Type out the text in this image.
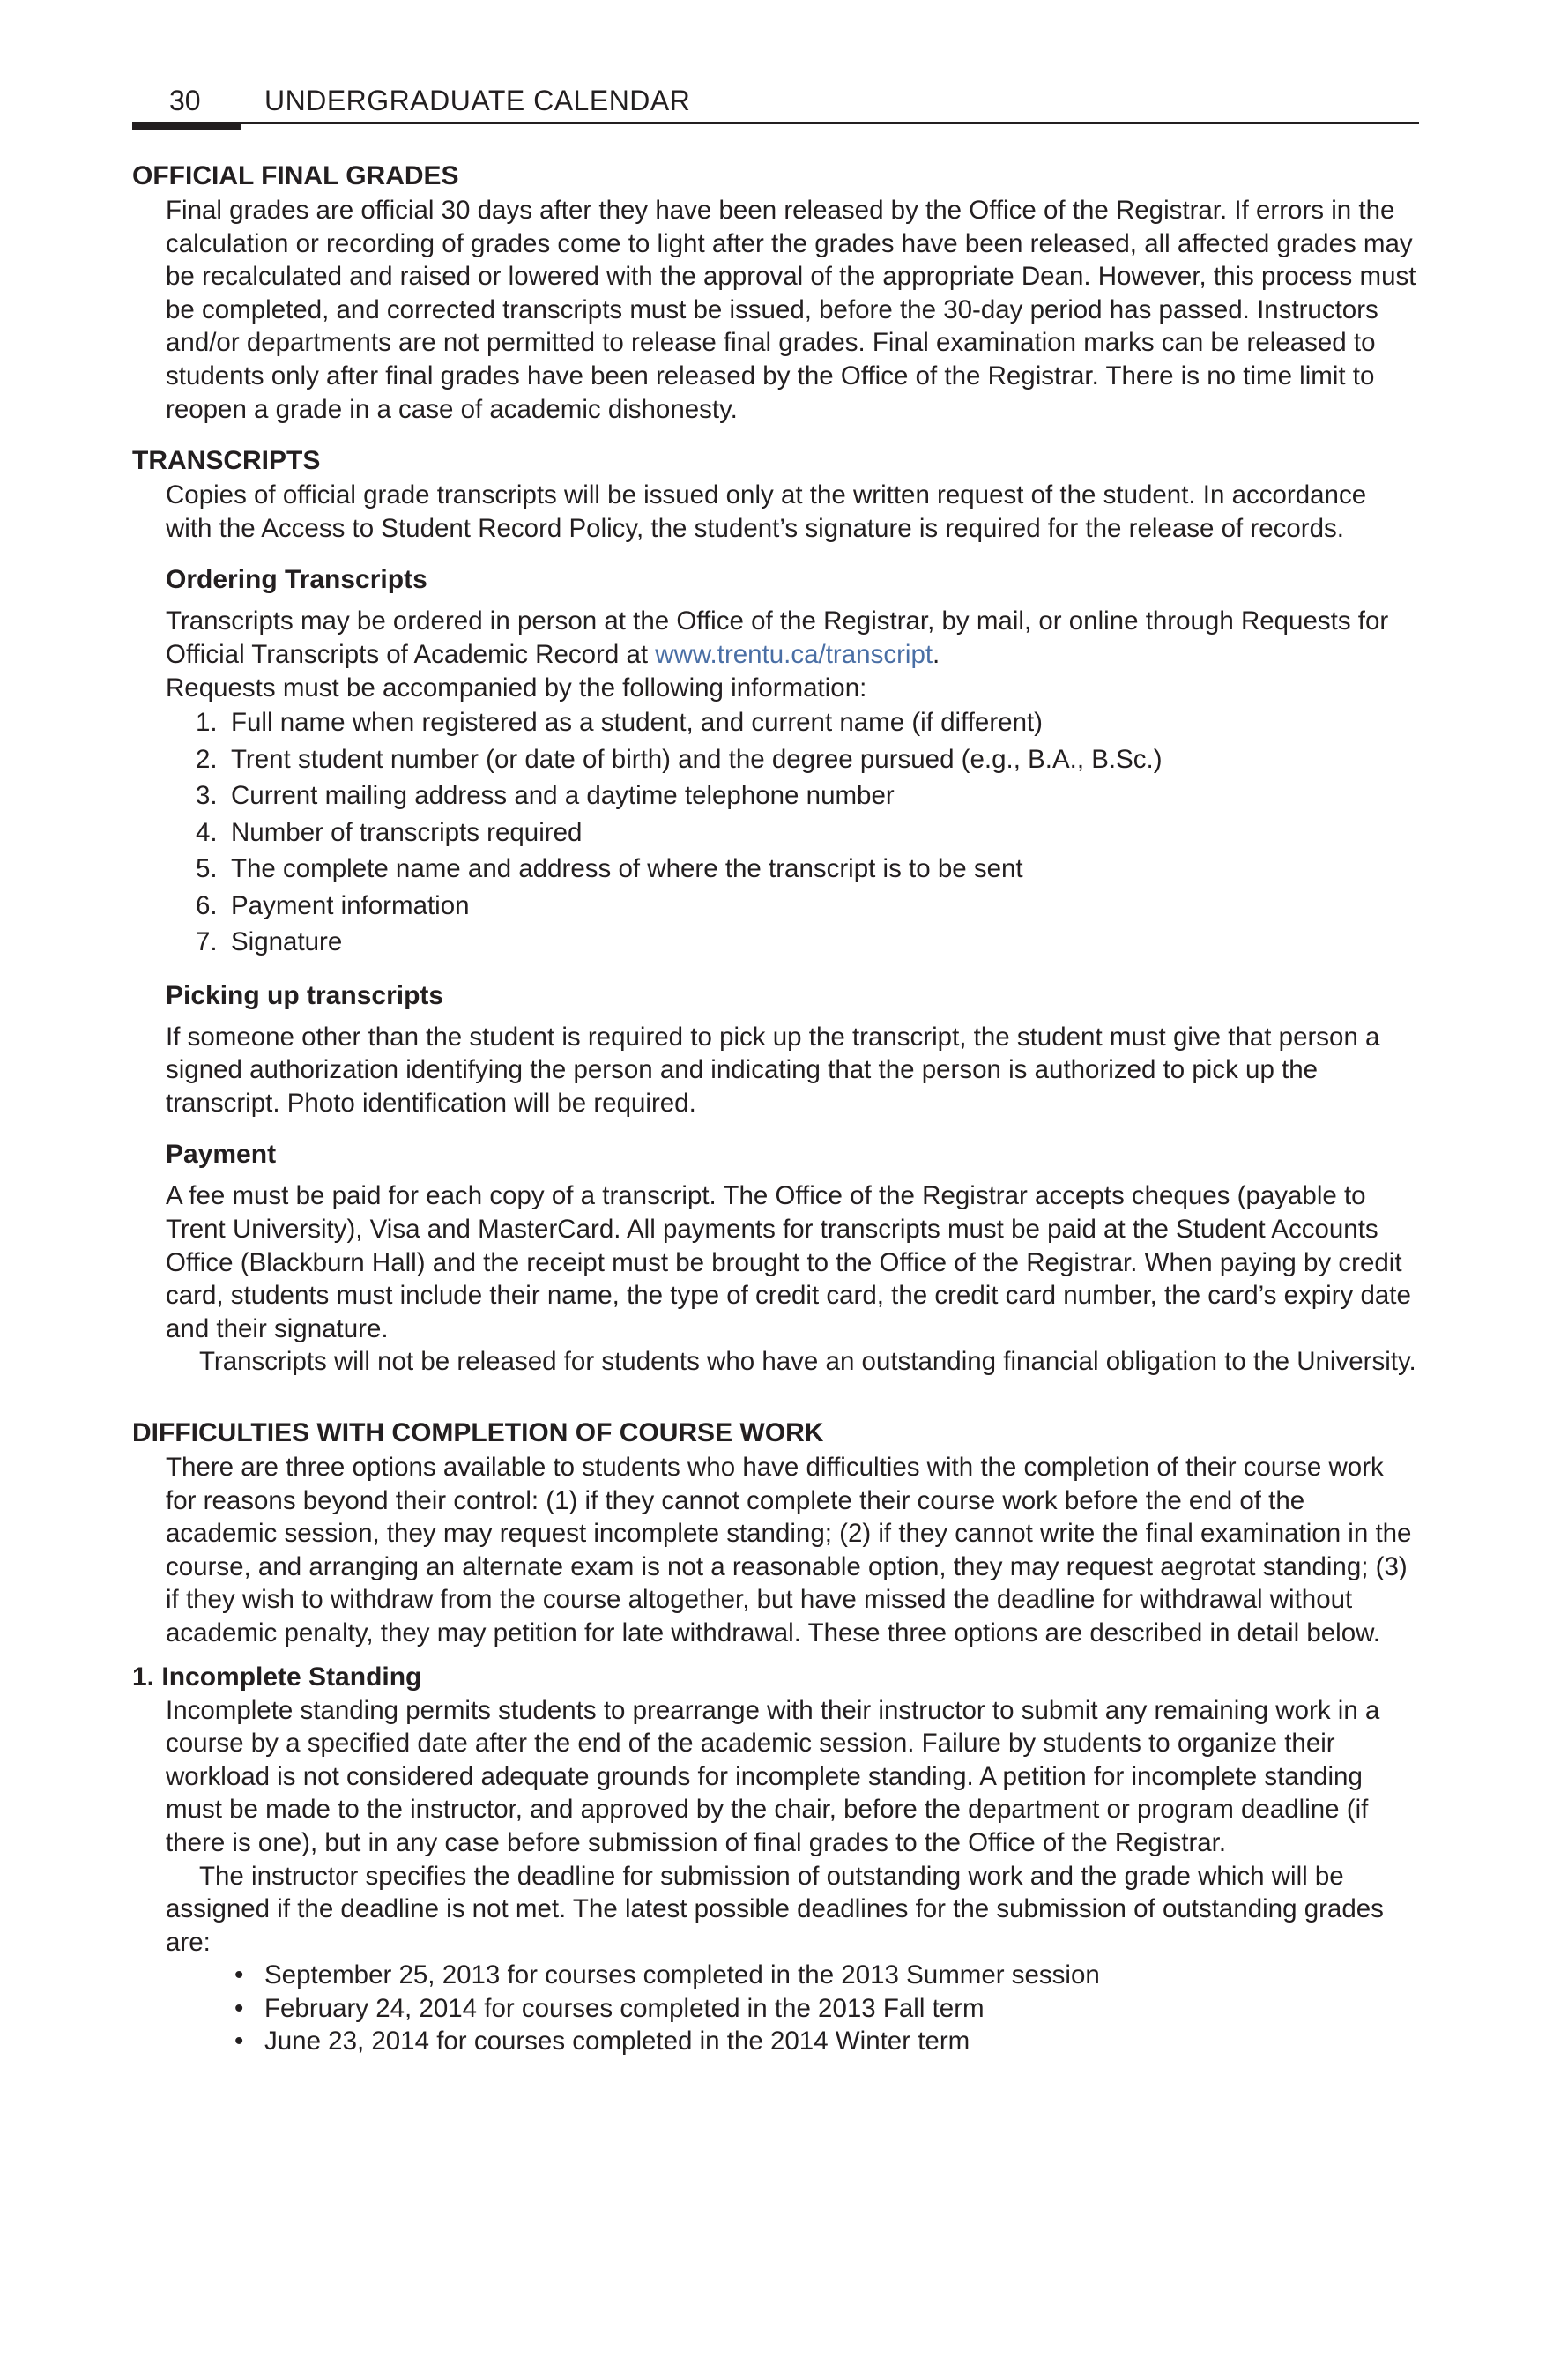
30 UNDERGRADUATE CALENDAR
OFFICIAL FINAL GRADES

Final grades are official 30 days after they have been released by the Office of the Registrar. If errors in the calculation or recording of grades come to light after the grades have been released, all affected grades may be recalculated and raised or lowered with the approval of the appropriate Dean. However, this process must be completed, and corrected transcripts must be issued, before the 30-day period has passed. Instructors and/or departments are not permitted to release final grades. Final examination marks can be released to students only after final grades have been released by the Office of the Registrar. There is no time limit to reopen a grade in a case of academic dishonesty.

TRANSCRIPTS

Copies of official grade transcripts will be issued only at the written request of the student. In accordance with the Access to Student Record Policy, the student’s signature is required for the release of records.

Ordering Transcripts

Transcripts may be ordered in person at the Office of the Registrar, by mail, or online through Requests for Official Transcripts of Academic Record at www.trentu.ca/transcript.
Requests must be accompanied by the following information:

1. Full name when registered as a student, and current name (if different)
2. Trent student number (or date of birth) and the degree pursued (e.g., B.A., B.Sc.)
3. Current mailing address and a daytime telephone number
4. Number of transcripts required
5. The complete name and address of where the transcript is to be sent
6. Payment information
7. Signature
Picking up transcripts

If someone other than the student is required to pick up the transcript, the student must give that person a signed authorization identifying the person and indicating that the person is authorized to pick up the transcript. Photo identification will be required.

Payment

A fee must be paid for each copy of a transcript. The Office of the Registrar accepts cheques (payable to Trent University), Visa and MasterCard. All payments for transcripts must be paid at the Student Accounts Office (Blackburn Hall) and the receipt must be brought to the Office of the Registrar. When paying by credit card, students must include their name, the type of credit card, the credit card number, the card’s expiry date and their signature.

Transcripts will not be released for students who have an outstanding financial obligation to the University.

DIFFICULTIES WITH COMPLETION OF COURSE WORK

There are three options available to students who have difficulties with the completion of their course work for reasons beyond their control: (1) if they cannot complete their course work before the end of the academic session, they may request incomplete standing; (2) if they cannot write the final examination in the course, and arranging an alternate exam is not a reasonable option, they may request aegrotat standing; (3) if they wish to withdraw from the course altogether, but have missed the deadline for withdrawal without academic penalty, they may petition for late withdrawal. These three options are described in detail below.

1. Incomplete Standing

Incomplete standing permits students to prearrange with their instructor to submit any remaining work in a course by a specified date after the end of the academic session. Failure by students to organize their workload is not considered adequate grounds for incomplete standing. A petition for incomplete standing must be made to the instructor, and approved by the chair, before the department or program deadline (if there is one), but in any case before submission of final grades to the Office of the Registrar.

The instructor specifies the deadline for submission of outstanding work and the grade which will be assigned if the deadline is not met. The latest possible deadlines for the submission of outstanding grades are:

• September 25, 2013 for courses completed in the 2013 Summer session
• February 24, 2014 for courses completed in the 2013 Fall term
• June 23, 2014 for courses completed in the 2014 Winter term
